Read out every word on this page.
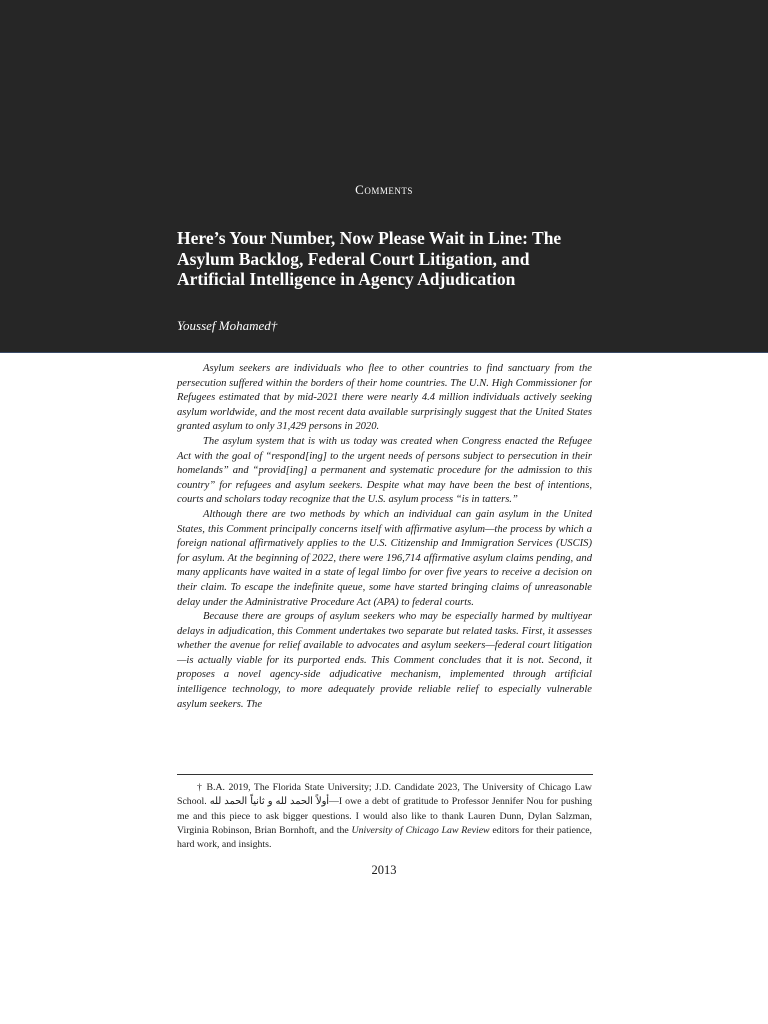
Comments
Here’s Your Number, Now Please Wait in Line: The Asylum Backlog, Federal Court Litigation, and Artificial Intelligence in Agency Adjudication

Youssef Mohamed†

Asylum seekers are individuals who flee to other countries to find sanctuary from the persecution suffered within the borders of their home countries. The U.N. High Commissioner for Refugees estimated that by mid-2021 there were nearly 4.4 million individuals actively seeking asylum worldwide, and the most recent data available surprisingly suggest that the United States granted asylum to only 31,429 persons in 2020.

The asylum system that is with us today was created when Congress enacted the Refugee Act with the goal of “respond[ing] to the urgent needs of persons subject to persecution in their homelands” and “provid[ing] a permanent and systematic procedure for the admission to this country” for refugees and asylum seekers. Despite what may have been the best of intentions, courts and scholars today recognize that the U.S. asylum process “is in tatters.”

Although there are two methods by which an individual can gain asylum in the United States, this Comment principally concerns itself with affirmative asylum—the process by which a foreign national affirmatively applies to the U.S. Citizenship and Immigration Services (USCIS) for asylum. At the beginning of 2022, there were 196,714 affirmative asylum claims pending, and many applicants have waited in a state of legal limbo for over five years to receive a decision on their claim. To escape the indefinite queue, some have started bringing claims of unreasonable delay under the Administrative Procedure Act (APA) to federal courts.

Because there are groups of asylum seekers who may be especially harmed by multiyear delays in adjudication, this Comment undertakes two separate but related tasks. First, it assesses whether the avenue for relief available to advocates and asylum seekers—federal court litigation—is actually viable for its purported ends. This Comment concludes that it is not. Second, it proposes a novel agency-side adjudicative mechanism, implemented through artificial intelligence technology, to more adequately provide reliable relief to especially vulnerable asylum seekers. The

† B.A. 2019, The Florida State University; J.D. Candidate 2023, The University of Chicago Law School. أولاً الحمد لله و ثانياً الحمد لله—I owe a debt of gratitude to Professor Jennifer Nou for pushing me and this piece to ask bigger questions. I would also like to thank Lauren Dunn, Dylan Salzman, Virginia Robinson, Brian Bornhoft, and the University of Chicago Law Review editors for their patience, hard work, and insights.

2013
